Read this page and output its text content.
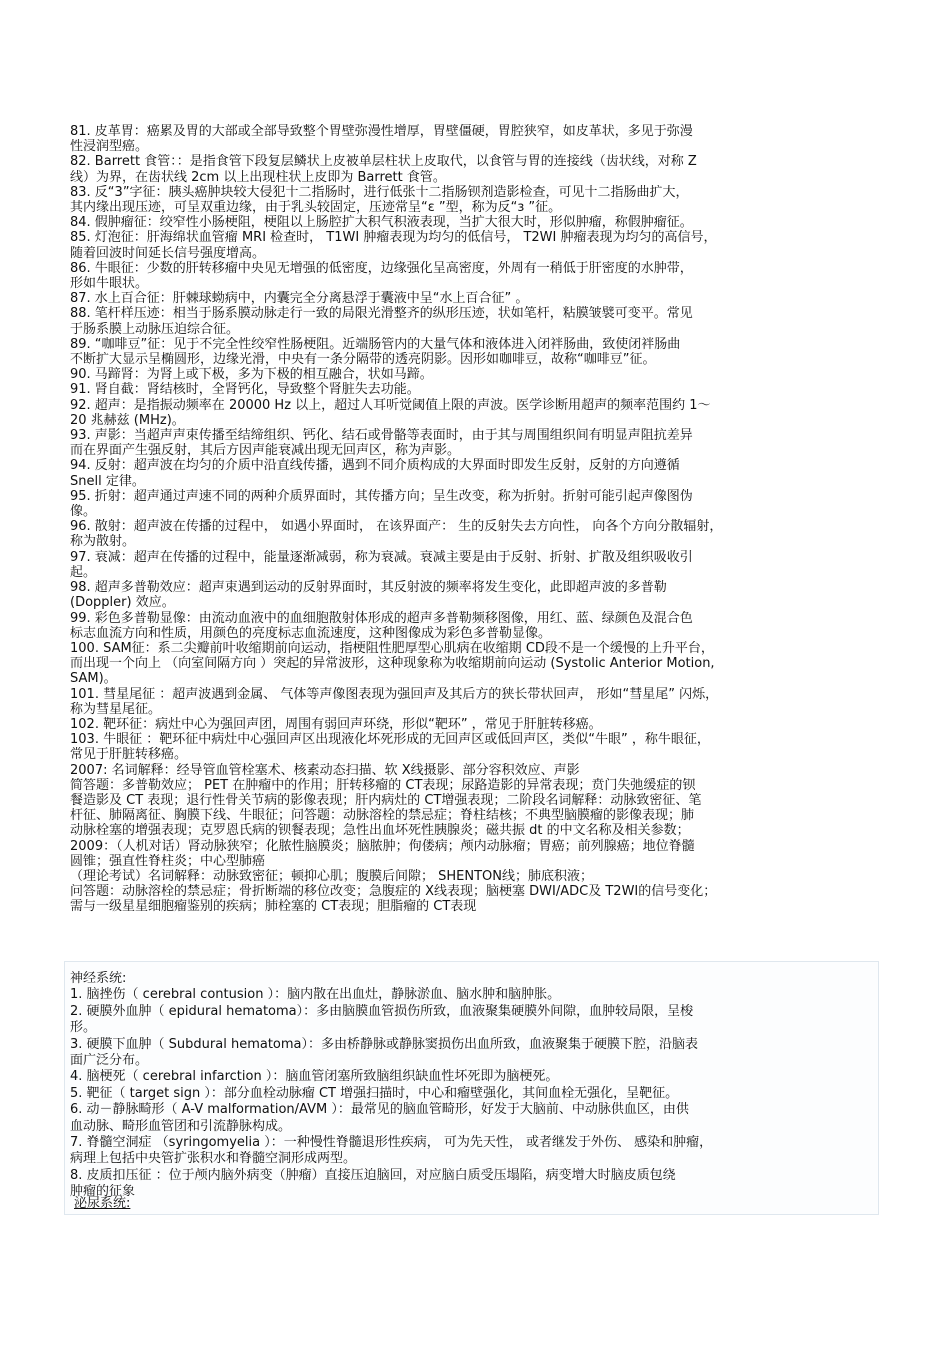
81. 皮革胃：癌累及胃的大部或全部导致整个胃壁弥漫性增厚，胃壁僵硬，胃腔狭窄，如皮革状，多见于弥漫
性浸润型癌。
82. Barrett 食管：：是指食管下段复层鳞状上皮被单层柱状上皮取代，以食管与胃的连接线（齿状线，对称 Z
线）为界，在齿状线 2cm 以上出现柱状上皮即为 Barrett 食管。
83. 反“3”字征：胰头癌肿块较大侵犯十二指肠时，进行低张十二指肠钡剂造影检查，可见十二指肠曲扩大，
其内缘出现压迹，可呈双重边缘，由于乳头较固定，压迹常呈“ε ”型，称为反“з ”征。
84. 假肿瘤征：绞窄性小肠梗阻，梗阻以上肠腔扩大积气积液表现，当扩大很大时，形似肿瘤，称假肿瘤征。
85. 灯泡征：肝海绵状血管瘤 MRI 检查时， T1WI 肿瘤表现为均匀的低信号， T2WI 肿瘤表现为均匀的高信号，
随着回波时间延长信号强度增高。
86. 牛眼征：少数的肝转移瘤中央见无增强的低密度，边缘强化呈高密度，外周有一稍低于肝密度的水肿带，
形如牛眼状。
87. 水上百合征：肝棘球蚴病中，内囊完全分离悬浮于囊液中呈“水上百合征” 。
88. 笔杆样压迹：相当于肠系膜动脉走行一致的局限光滑整齐的纵形压迹，状如笔杆，粘膜皱襞可变平。常见
于肠系膜上动脉压迫综合征。
89. “咖啡豆”征：见于不完全性绞窄性肠梗阻。近端肠管内的大量气体和液体进入闭袢肠曲，致使闭袢肠曲
不断扩大显示呈椭圆形，边缘光滑，中央有一条分隔带的透亮阴影。因形如咖啡豆，故称“咖啡豆”征。
90. 马蹄肾：为肾上或下极，多为下极的相互融合，状如马蹄。
91. 肾自截：肾结核时，全肾钙化，导致整个肾脏失去功能。
92. 超声：是指振动频率在 20000 Hz 以上，超过人耳听觉阈值上限的声波。医学诊断用超声的频率范围约 1～
20 兆赫兹 (MHz)。
93. 声影：当超声声束传播至结缔组织、钙化、结石或骨骼等表面时，由于其与周围组织间有明显声阻抗差异
而在界面产生强反射，其后方因声能衰减出现无回声区，称为声影。
94. 反射：超声波在均匀的介质中沿直线传播，遇到不同介质构成的大界面时即发生反射，反射的方向遵循
Snell 定律。
95. 折射：超声通过声速不同的两种介质界面时，其传播方向；呈生改变，称为折射。折射可能引起声像图伪
像。
96. 散射：超声波在传播的过程中， 如遇小界面时， 在该界面产： 生的反射失去方向性， 向各个方向分散辐射，
称为散射。
97. 衰减：超声在传播的过程中，能量逐渐减弱，称为衰减。衰减主要是由于反射、折射、扩散及组织吸收引
起。
98. 超声多普勒效应：超声束遇到运动的反射界面时，其反射波的频率将发生变化，此即超声波的多普勒
(Doppler) 效应。
99. 彩色多普勒显像：由流动血液中的血细胞散射体形成的超声多普勒频移图像，用红、蓝、绿颜色及混合色
标志血流方向和性质，用颜色的亮度标志血流速度，这种图像成为彩色多普勒显像。
100. SAM征：系二尖瓣前叶收缩期前向运动，指梗阻性肥厚型心肌病在收缩期 CD段不是一个缓慢的上升平台，
而出现一个向上 （向室间隔方向 ）突起的异常波形，这种现象称为收缩期前向运动 (Systolic Anterior Motion,
SAM)。
101. 彗星尾征 ：超声波遇到金属、 气体等声像图表现为强回声及其后方的狭长带状回声， 形如“彗星尾” 闪烁，
称为彗星尾征。
102. 靶环征：病灶中心为强回声团，周围有弱回声环绕，形似“靶环” ，常见于肝脏转移癌。
103. 牛眼征 ：靶环征中病灶中心强回声区出现液化坏死形成的无回声区或低回声区，类似“牛眼” ，称牛眼征，
常见于肝脏转移癌。
2007: 名词解释：经导管血管栓塞术、核素动态扫描、软 X线摄影、部分容积效应、声影
简答题：多普勒效应； PET 在肿瘤中的作用；肝转移瘤的 CT表现；尿路造影的异常表现；贲门失弛缓症的钡
餐造影及 CT 表现；退行性骨关节病的影像表现；肝内病灶的 CT增强表现；二阶段名词解释：动脉致密征、笔
杆征、肺隔离征、胸膜下线、牛眼征；问答题：动脉溶栓的禁忌症；脊柱结核；不典型脑膜瘤的影像表现；肺
动脉栓塞的增强表现；克罗恩氏病的钡餐表现；急性出血坏死性胰腺炎；磁共振 dt 的中文名称及相关参数；
2009：（人机对话）肾动脉狭窄；化脓性脑膜炎；脑脓肿；佝偻病；颅内动脉瘤；胃癌；前列腺癌；地位脊髓
圆锥；强直性脊柱炎；中心型肺癌
（理论考试）名词解释：动脉致密征；顿抑心肌；腹膜后间隙； SHENTON线；肺底积液；
问答题：动脉溶栓的禁忌症；骨折断端的移位改变；急腹症的 X线表现；脑梗塞 DWI/ADC及 T2WI的信号变化；
需与一级星星细胞瘤鉴别的疾病；肺栓塞的 CT表现；胆脂瘤的 CT表现
神经系统:
1. 脑挫伤（ cerebral contusion ）：脑内散在出血灶，静脉淤血、脑水肿和脑肿胀。
2. 硬膜外血肿（ epidural hematoma）：多由脑膜血管损伤所致，血液聚集硬膜外间隙，血肿较局限，呈梭
形。
3. 硬膜下血肿（ Subdural hematoma）：多由桥静脉或静脉窦损伤出血所致，血液聚集于硬膜下腔，沿脑表
面广泛分布。
4. 脑梗死（ cerebral infarction ）：脑血管闭塞所致脑组织缺血性坏死即为脑梗死。
5. 靶征（ target sign ）：部分血栓动脉瘤 CT 增强扫描时，中心和瘤壁强化，其间血栓无强化，呈靶征。
6. 动－静脉畸形（ A-V malformation/AVM ）：最常见的脑血管畸形，好发于大脑前、中动脉供血区，由供
血动脉、畸形血管团和引流静脉构成。
7. 脊髓空洞症 （syringomyelia ）：一种慢性脊髓退形性疾病， 可为先天性， 或者继发于外伤、 感染和肿瘤，
病理上包括中央管扩张积水和脊髓空洞形成两型。
8. 皮质扣压征 ：位于颅内脑外病变（肿瘤）直接压迫脑回，对应脑白质受压塌陷，病变增大时脑皮质包绕
肿瘤的征象
泌尿系统:
